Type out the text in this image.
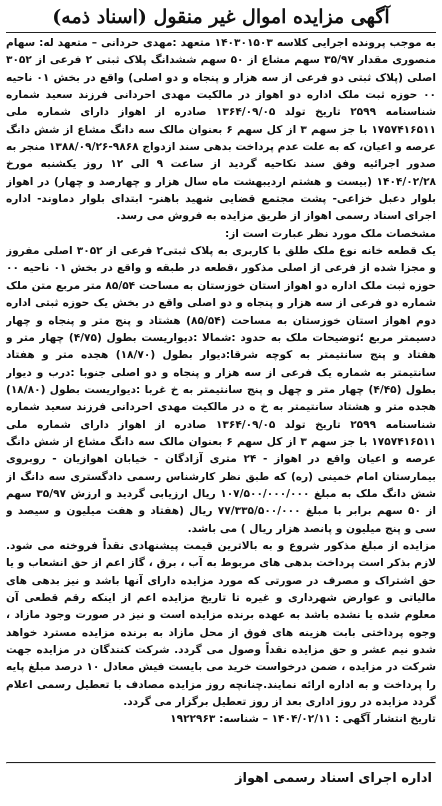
آگهی مزایده اموال غیر منقول (اسناد ذمه)

به موجب پرونده اجرایی کلاسه ۱۴۰۳۰۱۵۰۳ متعهد :مهدی حردانی – متعهد له: سهام منصوری مقدار ۳۵/۹۷ سهم مشاع از ۵۰ سهم ششدانگ پلاک ثبتی ۲ فرعی از ۳۰۵۲ اصلی (پلاک ثبتی دو فرعی از سه هزار و پنجاه و دو اصلی) واقع در بخش ۰۱ ناحیه ۰۰ حوزه ثبت ملک اداره دو اهواز در مالکیت مهدی احردانی فرزند سعید شماره شناسنامه ۲۵۹۹ تاریخ تولد ۱۳۶۴/۰۹/۰۵ صادره از اهواز دارای شماره ملی ۱۷۵۷۴۱۶۵۱۱ با جز سهم ۳ از کل سهم ۶ بعنوان مالک سه دانگ مشاع از شش دانگ عرصه و اعیان، که به علت عدم پرداخت بدهی سند ازدواج ۹۸۶۸-۱۳۸۸/۰۹/۲۶ منجر به صدور اجرائیه وفق سند نکاحیه گردید از ساعت ۹ الی ۱۲ روز یکشنبه مورخ ۱۴۰۴/۰۲/۲۸ (بیست و هشتم اردیبهشت ماه سال هزار و چهارصد و چهار) در اهواز بلوار دعبل خزاعی- پشت مجتمع قضایی شهید باهنر- ابتدای بلوار دماوند- اداره اجرای اسناد رسمی اهواز از طریق مزایده به فروش می رسد.

مشخصات ملک مورد نظر عبارت است از:

یک قطعه خانه نوع ملک طلق با کاربری به پلاک ثبتی۲ فرعی از ۳۰۵۲ اصلی مفروز و مجزا شده از فرعی از اصلی مذکور ،قطعه در طبقه و واقع در بخش ۰۱ ناحیه ۰۰ حوزه ثبت ملک اداره دو اهواز استان خوزستان به مساحت ۸۵/۵۴ متر مربع متن ملک شماره دو فرعی از سه هزار و پنجاه و دو اصلی واقع در بخش یک حوزه ثبتی اداره دوم اهواز استان خوزستان به مساحت (۸۵/۵۴) هشتاد و پنج متر و پنجاه و چهار دسیمتر مربع ؛توضیحات ملک به حدود :شمالا :دیواریست بطول (۴/۷۵) چهار متر و هفتاد و پنج سانتیمتر به کوچه شرقا:دیوار بطول (۱۸/۷۰) هجده متر و هفتاد سانتیمتر به شماره یک فرعی از سه هزار و پنجاه و دو اصلی جنوبا :درب و دیوار بطول (۴/۴۵) چهار متر و چهل و پنج سانتیمتر به خ غربا :دیواریست بطول (۱۸/۸۰) هجده متر و هشتاد سانتیمتر به خ ه در مالکیت مهدی احردانی فرزند سعید شماره شناسنامه ۲۵۹۹ تاریخ تولد ۱۳۶۴/۰۹/۰۵ صادره از اهواز دارای شماره ملی ۱۷۵۷۴۱۶۵۱۱ با جز سهم ۳ از کل سهم ۶ بعنوان مالک سه دانگ مشاع از شش دانگ عرصه و اعیان واقع در اهواز - ۲۴ متری آزادگان - خیابان اهوازیان - روبروی بیمارستان امام خمینی (ره) که طبق نظر کارشناس رسمی دادگستری سه دانگ از شش دانگ ملک به مبلغ ۱۰۷/۵۰۰/۰۰۰/۰۰۰ ریال ارزیابی گردید و ارزش ۳۵/۹۷ سهم از ۵۰ سهم برابر با مبلغ ۷۷/۳۳۵/۵۰۰/۰۰۰ ریال (هفتاد و هفت میلیون و سیصد و سی و پنج میلیون و پانصد هزار ریال ) می باشد.

مزایده از مبلغ مذکور شروع و به بالاترین قیمت پیشنهادی نقداً فروخته می شود. لازم بذکر است پرداخت بدهی های مربوط به آب ، برق ، گاز اعم از حق انشعاب و یا حق اشتراک و مصرف در صورتی که مورد مزایده دارای آنها باشد و نیز بدهی های مالیاتی و عوارض شهرداری و غیره تا تاریخ مزایده اعم از اینکه رقم قطعی آن معلوم شده یا نشده باشد به عهده برنده مزایده است و نیز در صورت وجود مازاد ، وجوه پرداختی بابت هزینه های فوق از محل مازاد به برنده مزایده مسترد خواهد شدو نیم عشر و حق مزایده نقداً وصول می گردد. شرکت کنندگان در مزایده جهت شرکت در مزایده ، ضمن درخواست خرید می بایست فیش معادل ۱۰ درصد مبلغ پایه را پرداخت و به اداره ارائه نمایند.چنانچه روز مزایده مصادف با تعطیل رسمی اعلام گردد مزایده در روز اداری بعد از روز تعطیل برگزار می گردد.

تاریخ انتشار آگهی : ۱۴۰۴/۰۲/۱۱ – شناسه: ۱۹۲۲۹۶۳

اداره اجرای اسناد رسمی اهواز
